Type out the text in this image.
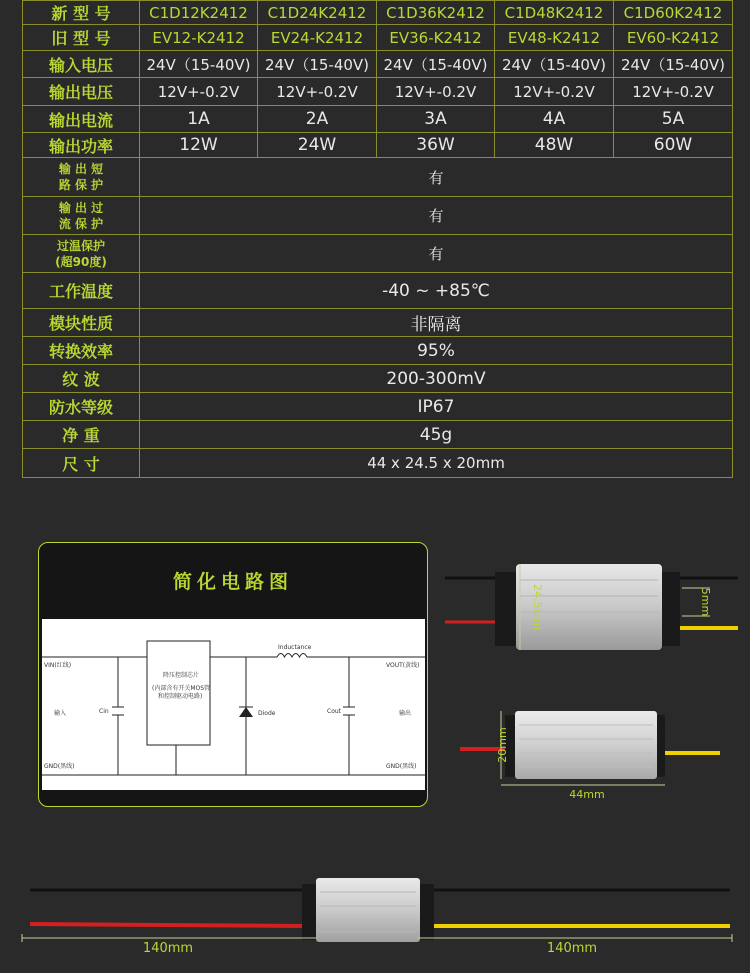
新 型 号	C1D12K2412	C1D24K2412	C1D36K2412	C1D48K2412	C1D60K2412
旧 型 号	EV12-K2412	EV24-K2412	EV36-K2412	EV48-K2412	EV60-K2412
输入电压	24V（15-40V)	24V（15-40V)	24V（15-40V)	24V（15-40V)	24V（15-40V)
输出电压	12V+-0.2V	12V+-0.2V	12V+-0.2V	12V+-0.2V	12V+-0.2V
输出电流	1A	2A	3A	4A	5A
输出功率	12W	24W	36W	48W	60W
输 出 短
路 保 护	有				
输 出 过
流 保 护	有				
过温保护
(超90度)	有				
工作温度	-40 ~ +85℃				
模块性质	非隔离				
转换效率	95%				
纹 波	200-300mV				
防水等级	IP67				
净 重	45g				
尺 寸	44 x 24.5 x 20mm				
简化电路图
VIN(红线)
GND(黑线)
输入	Cin
降压控制芯片
(内部含有开关MOS管
和控制驱动电路)
Inductance
Diode	Cout
VOUT(黄线)
GND(黑线)
输出
24.5mm	5mm
20mm
44mm
140mm	140mm
